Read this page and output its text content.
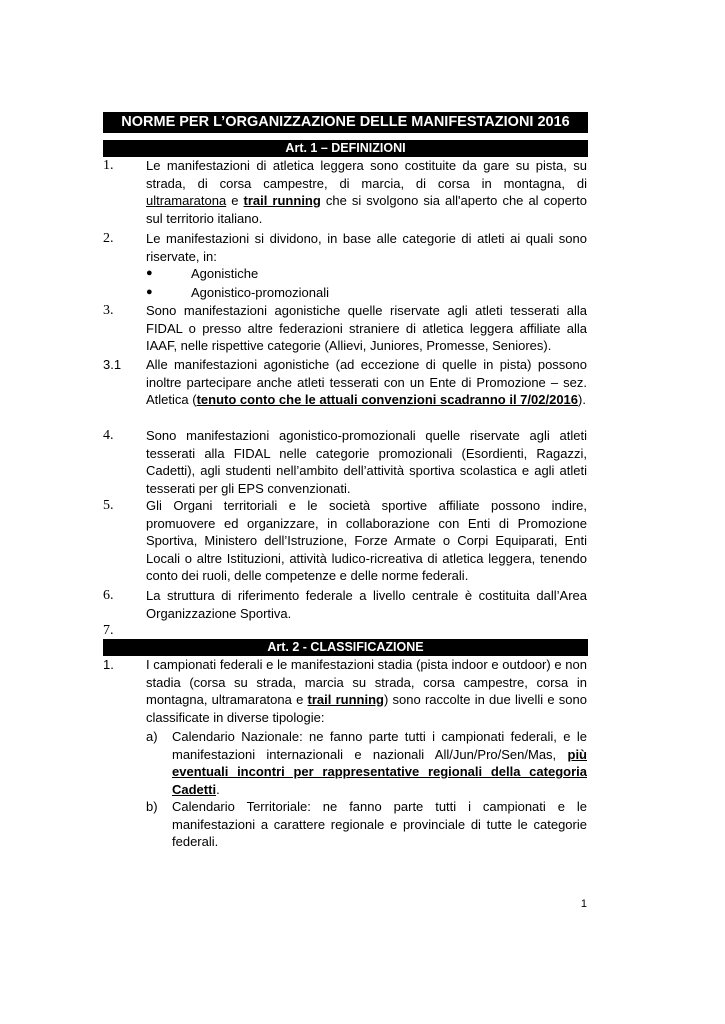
NORME PER L’ORGANIZZAZIONE DELLE MANIFESTAZIONI 2016
Art. 1 – DEFINIZIONI
1.	Le manifestazioni di atletica leggera sono costituite da gare su pista, su strada, di corsa campestre, di marcia, di corsa in montagna, di ultramaratona e trail running che si svolgono sia all'aperto che al coperto sul territorio italiano.
2.	Le manifestazioni si dividono, in base alle categorie di atleti ai quali sono riservate, in:
●	Agonistiche
●	Agonistico-promozionali
3.	Sono manifestazioni agonistiche quelle riservate agli atleti tesserati alla FIDAL o presso altre federazioni straniere di atletica leggera affiliate alla IAAF, nelle rispettive categorie (Allievi, Juniores, Promesse, Seniores).
3.1	Alle manifestazioni agonistiche (ad eccezione di quelle in pista) possono inoltre partecipare anche atleti tesserati con un Ente di Promozione – sez. Atletica (tenuto conto che le attuali convenzioni scadranno il 7/02/2016).
4.	Sono manifestazioni agonistico-promozionali quelle riservate agli atleti tesserati alla FIDAL nelle categorie promozionali (Esordienti, Ragazzi, Cadetti), agli studenti nell’ambito dell’attività sportiva scolastica e agli atleti tesserati per gli EPS convenzionati.
5.	Gli Organi territoriali e le società sportive affiliate possono indire, promuovere ed organizzare, in collaborazione con Enti di Promozione Sportiva, Ministero dell’Istruzione, Forze Armate o Corpi Equiparati, Enti Locali o altre Istituzioni, attività ludico-ricreativa di atletica leggera, tenendo conto dei ruoli, delle competenze e delle norme federali.
6.	La struttura di riferimento federale a livello centrale è costituita dall’Area Organizzazione Sportiva.
7.
Art. 2 - CLASSIFICAZIONE
1.	I campionati federali e le manifestazioni stadia (pista indoor e outdoor) e non stadia (corsa su strada, marcia su strada, corsa campestre, corsa in montagna, ultramaratona e trail running) sono raccolte in due livelli e sono classificate in diverse tipologie:
a) Calendario Nazionale: ne fanno parte tutti i campionati federali, e le manifestazioni internazionali e nazionali All/Jun/Pro/Sen/Mas, più eventuali incontri per rappresentative regionali della categoria Cadetti.
b) Calendario Territoriale: ne fanno parte tutti i campionati e le manifestazioni a carattere regionale e provinciale di tutte le categorie federali.
1
